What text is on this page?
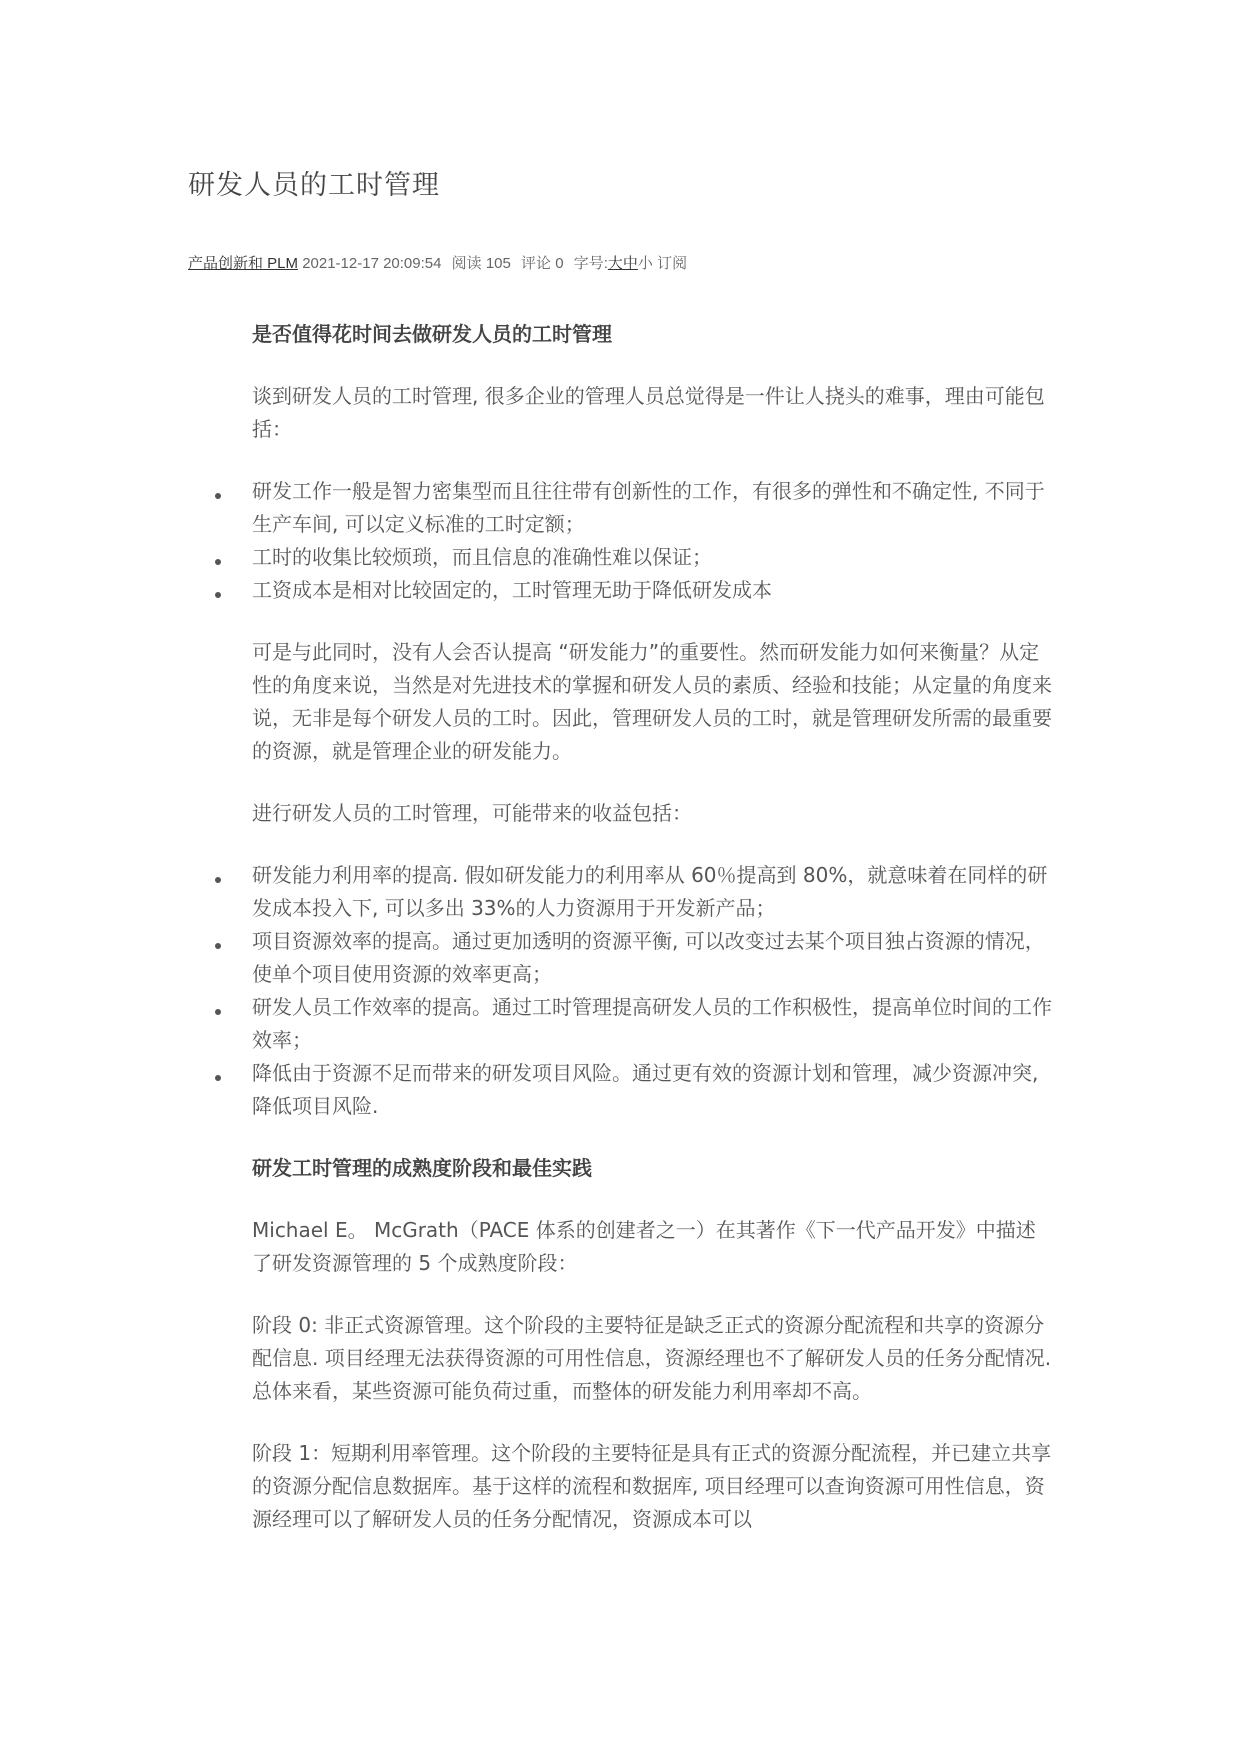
研发人员的工时管理
产品创新和 PLM 2021-12-17 20:09:54 阅读 105 评论 0 字号:大中小 订阅
是否值得花时间去做研发人员的工时管理

谈到研发人员的工时管理, 很多企业的管理人员总觉得是一件让人挠头的难事，理由可能包括：

研发工作一般是智力密集型而且往往带有创新性的工作，有很多的弹性和不确定性, 不同于生产车间, 可以定义标准的工时定额；
工时的收集比较烦琐，而且信息的准确性难以保证；
工资成本是相对比较固定的，工时管理无助于降低研发成本

可是与此同时，没有人会否认提高 “研发能力”的重要性。然而研发能力如何来衡量？从定性的角度来说，当然是对先进技术的掌握和研发人员的素质、经验和技能；从定量的角度来说，无非是每个研发人员的工时。因此，管理研发人员的工时，就是管理研发所需的最重要的资源，就是管理企业的研发能力。

进行研发人员的工时管理，可能带来的收益包括：

研发能力利用率的提高. 假如研发能力的利用率从 60％提高到 80%，就意味着在同样的研发成本投入下, 可以多出 33%的人力资源用于开发新产品；
项目资源效率的提高。通过更加透明的资源平衡, 可以改变过去某个项目独占资源的情况，使单个项目使用资源的效率更高；
研发人员工作效率的提高。通过工时管理提高研发人员的工作积极性，提高单位时间的工作效率；
降低由于资源不足而带来的研发项目风险。通过更有效的资源计划和管理，减少资源冲突, 降低项目风险.
研发工时管理的成熟度阶段和最佳实践

Michael E。 McGrath（PACE 体系的创建者之一）在其著作《下一代产品开发》中描述了研发资源管理的 5 个成熟度阶段：

阶段 0: 非正式资源管理。这个阶段的主要特征是缺乏正式的资源分配流程和共享的资源分配信息. 项目经理无法获得资源的可用性信息，资源经理也不了解研发人员的任务分配情况. 总体来看，某些资源可能负荷过重，而整体的研发能力利用率却不高。

阶段 1：短期利用率管理。这个阶段的主要特征是具有正式的资源分配流程，并已建立共享的资源分配信息数据库。基于这样的流程和数据库, 项目经理可以查询资源可用性信息，资源经理可以了解研发人员的任务分配情况，资源成本可以
